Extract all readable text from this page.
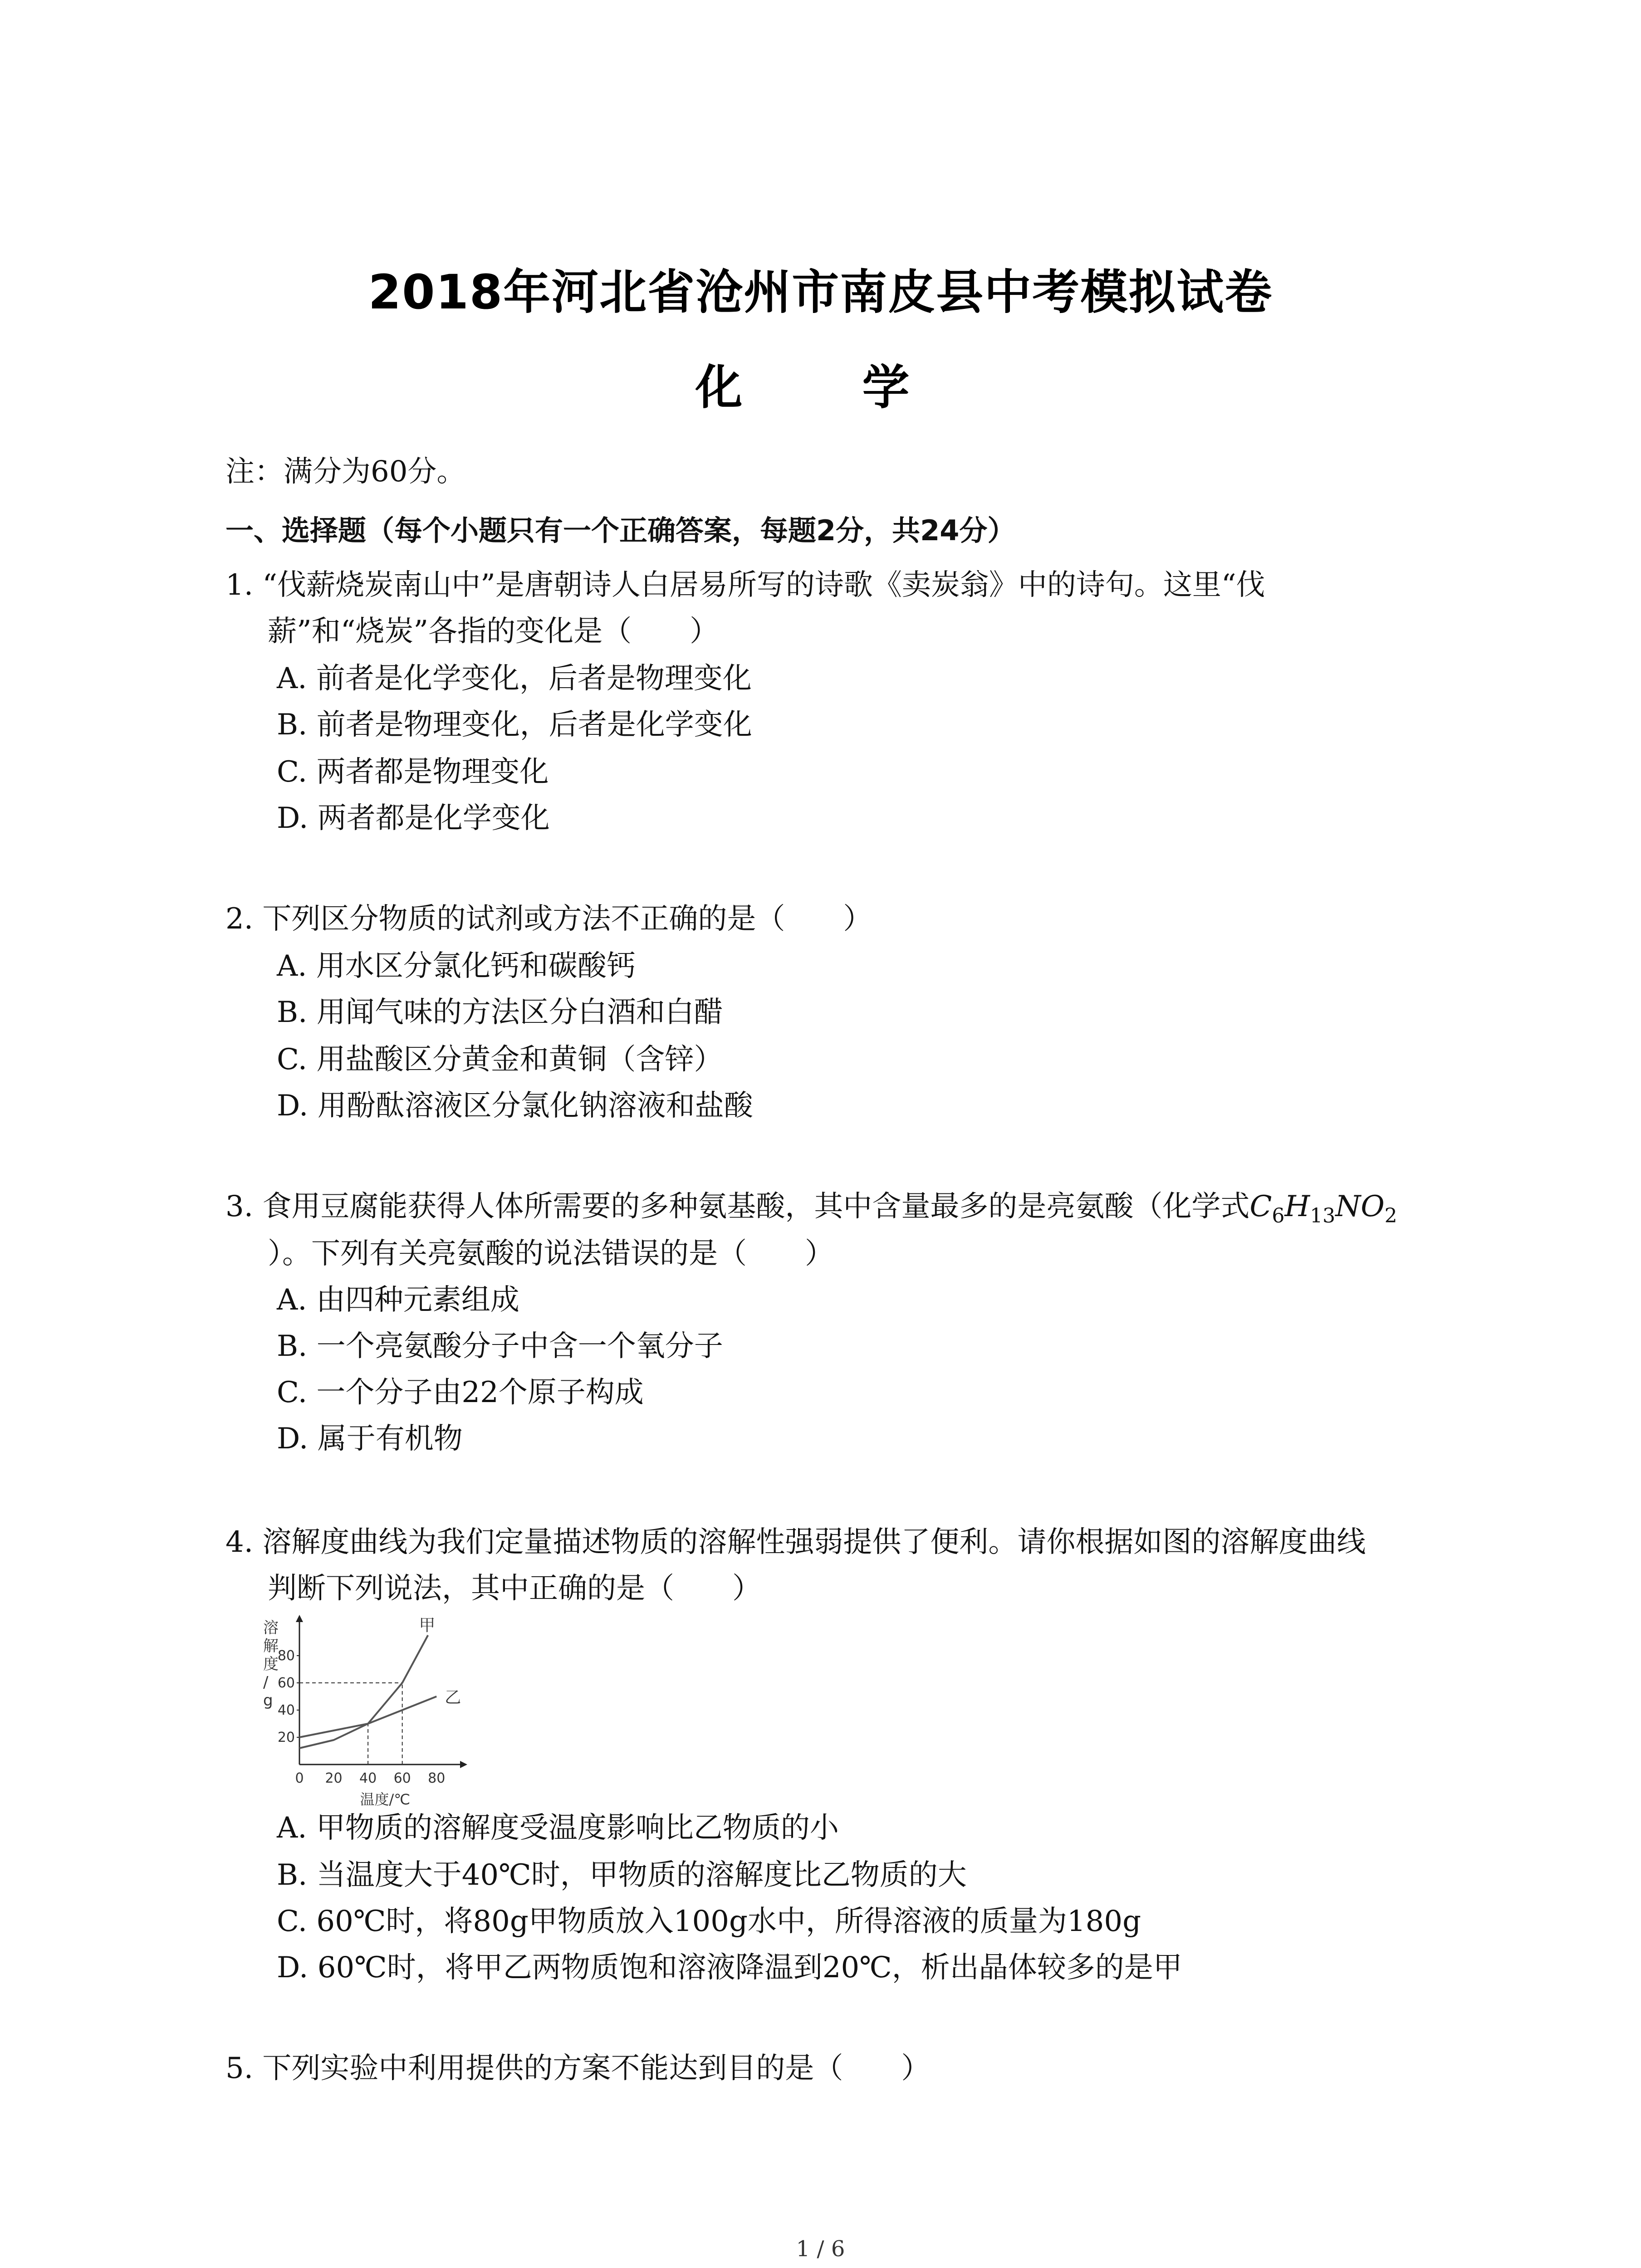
2018年河北省沧州市南皮县中考模拟试卷
化　学
注：满分为60分。
一、选择题（每个小题只有一个正确答案，每题2分，共24分）
1. “伐薪烧炭南山中”是唐朝诗人白居易所写的诗歌《卖炭翁》中的诗句。这里“伐
薪”和“烧炭”各指的变化是（　　）
A. 前者是化学变化，后者是物理变化
B. 前者是物理变化，后者是化学变化
C. 两者都是物理变化
D. 两者都是化学变化
2. 下列区分物质的试剂或方法不正确的是（　　）
A. 用水区分氯化钙和碳酸钙
B. 用闻气味的方法区分白酒和白醋
C. 用盐酸区分黄金和黄铜（含锌）
D. 用酚酞溶液区分氯化钠溶液和盐酸
3. 食用豆腐能获得人体所需要的多种氨基酸，其中含量最多的是亮氨酸（化学式$C_6H_{13}NO_2$
）。下列有关亮氨酸的说法错误的是（　　）
A. 由四种元素组成
B. 一个亮氨酸分子中含一个氧分子
C. 一个分子由22个原子构成
D. 属于有机物
4. 溶解度曲线为我们定量描述物质的溶解性强弱提供了便利。请你根据如图的溶解度曲线
判断下列说法，其中正确的是（　　）
溶解度/ g
20
40
60
80
0 20 40 60 80
温度/℃
甲
乙
A. 甲物质的溶解度受温度影响比乙物质的小
B. 当温度大于40℃时，甲物质的溶解度比乙物质的大
C. 60℃时，将80g甲物质放入100g水中，所得溶液的质量为180g
D. 60℃时，将甲乙两物质饱和溶液降温到20℃，析出晶体较多的是甲
5. 下列实验中利用提供的方案不能达到目的是（　　）
1 / 6
